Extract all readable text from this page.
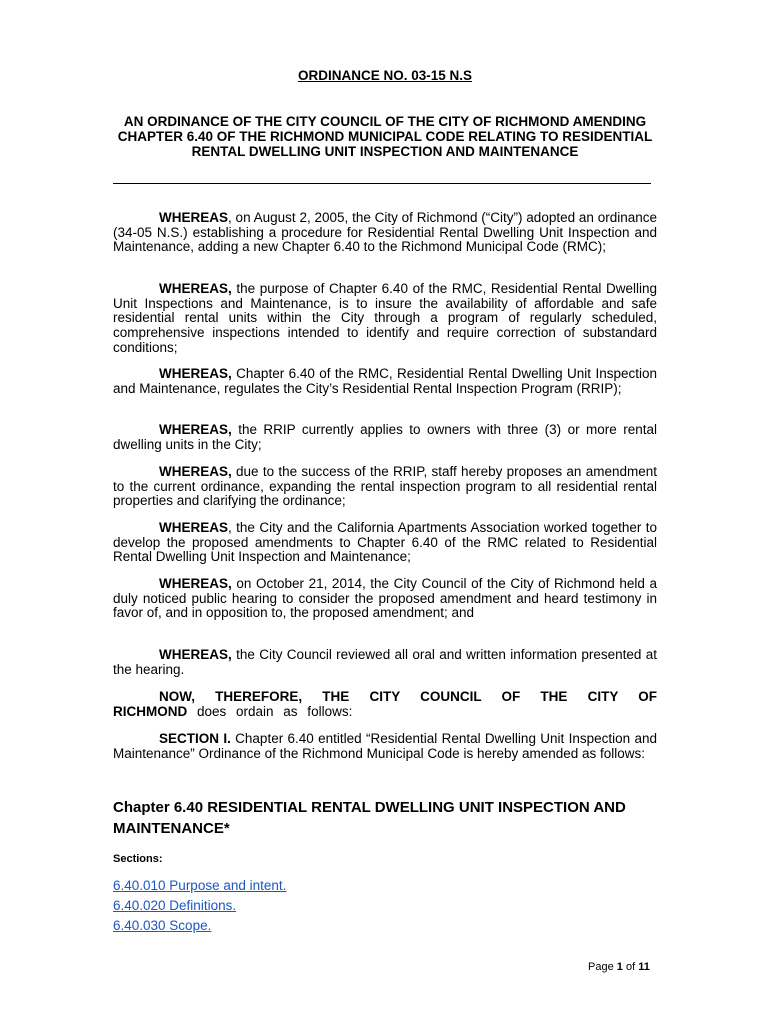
ORDINANCE NO. 03-15 N.S
AN ORDINANCE OF THE CITY COUNCIL OF THE CITY OF RICHMOND AMENDING CHAPTER 6.40 OF THE RICHMOND MUNICIPAL CODE RELATING TO RESIDENTIAL RENTAL DWELLING UNIT INSPECTION AND MAINTENANCE
WHEREAS, on August 2, 2005, the City of Richmond (“City”) adopted an ordinance (34-05 N.S.) establishing a procedure for Residential Rental Dwelling Unit Inspection and Maintenance, adding a new Chapter 6.40 to the Richmond Municipal Code (RMC);
WHEREAS, the purpose of Chapter 6.40 of the RMC, Residential Rental Dwelling Unit Inspections and Maintenance, is to insure the availability of affordable and safe residential rental units within the City through a program of regularly scheduled, comprehensive inspections intended to identify and require correction of substandard conditions;
WHEREAS, Chapter 6.40 of the RMC, Residential Rental Dwelling Unit Inspection and Maintenance, regulates the City’s Residential Rental Inspection Program (RRIP);
WHEREAS, the RRIP currently applies to owners with three (3) or more rental dwelling units in the City;
WHEREAS, due to the success of the RRIP, staff hereby proposes an amendment to the current ordinance, expanding the rental inspection program to all residential rental properties and clarifying the ordinance;
WHEREAS, the City and the California Apartments Association worked together to develop the proposed amendments to Chapter 6.40 of the RMC related to Residential Rental Dwelling Unit Inspection and Maintenance;
WHEREAS, on October 21, 2014, the City Council of the City of Richmond held a duly noticed public hearing to consider the proposed amendment and heard testimony in favor of, and in opposition to, the proposed amendment; and
WHEREAS, the City Council reviewed all oral and written information presented at the hearing.
NOW, THEREFORE, THE CITY COUNCIL OF THE CITY OF RICHMOND does ordain as follows:
SECTION I. Chapter 6.40 entitled “Residential Rental Dwelling Unit Inspection and Maintenance” Ordinance of the Richmond Municipal Code is hereby amended as follows:
Chapter 6.40 RESIDENTIAL RENTAL DWELLING UNIT INSPECTION AND MAINTENANCE*
Sections:
6.40.010 Purpose and intent.
6.40.020 Definitions.
6.40.030 Scope.
Page 1 of 11
